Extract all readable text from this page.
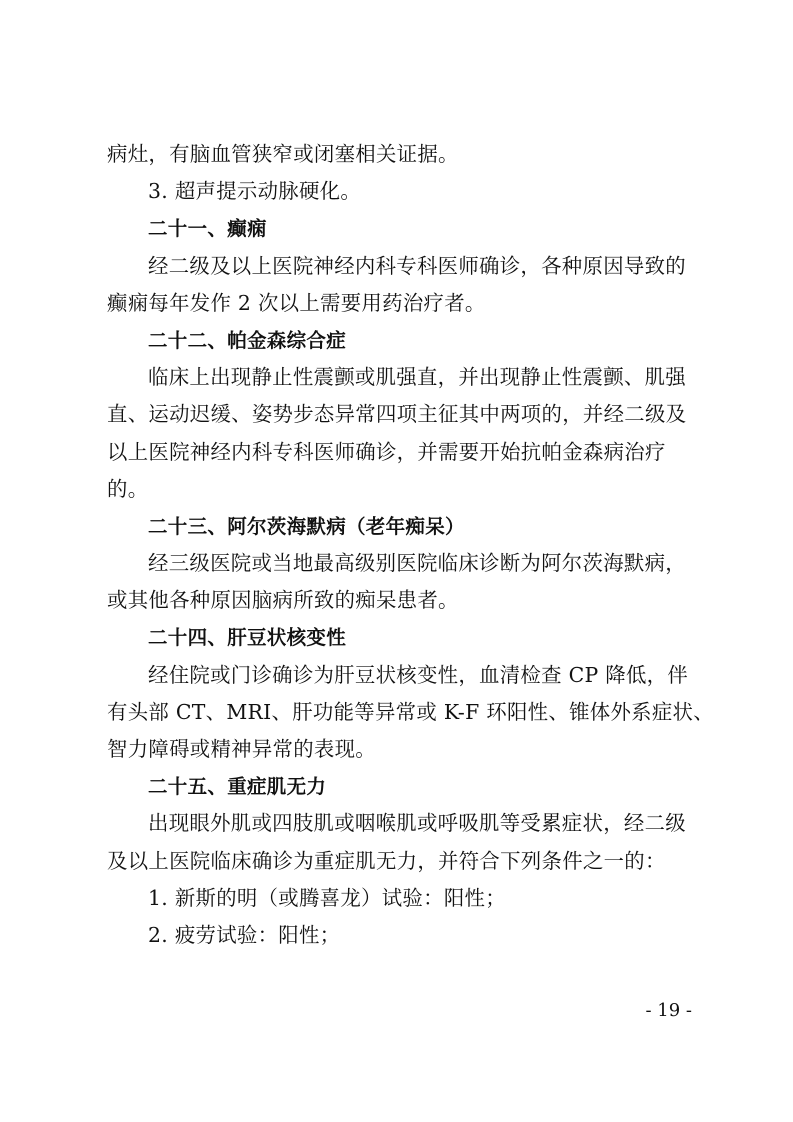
病灶，有脑血管狭窄或闭塞相关证据。
3. 超声提示动脉硬化。
二十一、癫痫
经二级及以上医院神经内科专科医师确诊，各种原因导致的
癫痫每年发作 2 次以上需要用药治疗者。
二十二、帕金森综合症
临床上出现静止性震颤或肌强直，并出现静止性震颤、肌强
直、运动迟缓、姿势步态异常四项主征其中两项的，并经二级及
以上医院神经内科专科医师确诊，并需要开始抗帕金森病治疗
的。
二十三、阿尔茨海默病（老年痴呆）
经三级医院或当地最高级别医院临床诊断为阿尔茨海默病，
或其他各种原因脑病所致的痴呆患者。
二十四、肝豆状核变性
经住院或门诊确诊为肝豆状核变性，血清检查 CP 降低，伴
有头部 CT、MRI、肝功能等异常或 K-F 环阳性、锥体外系症状、
智力障碍或精神异常的表现。
二十五、重症肌无力
出现眼外肌或四肢肌或咽喉肌或呼吸肌等受累症状，经二级
及以上医院临床确诊为重症肌无力，并符合下列条件之一的：
1. 新斯的明（或腾喜龙）试验：阳性；
2. 疲劳试验：阳性；
- 19 -
